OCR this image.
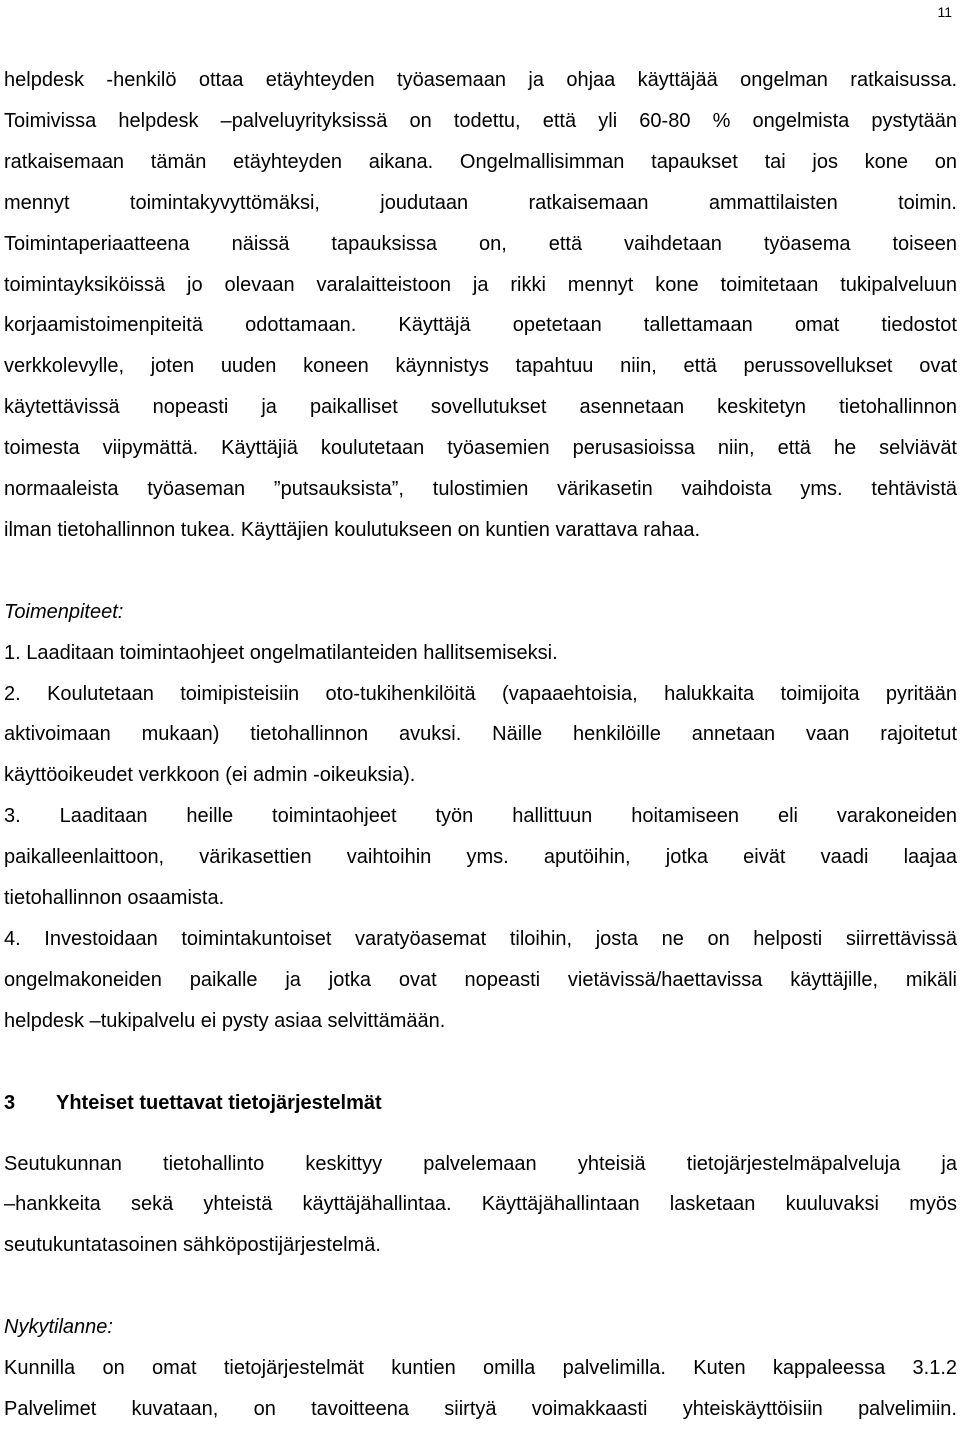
11
helpdesk -henkilö ottaa etäyhteyden työasemaan ja ohjaa käyttäjää ongelman ratkaisussa.
Toimivissa helpdesk –palveluyrityksissä on todettu, että yli 60-80 % ongelmista pystytään
ratkaisemaan tämän etäyhteyden aikana. Ongelmallisimman tapaukset tai jos kone on
mennyt toimintakyvyttömäksi, joudutaan ratkaisemaan ammattilaisten toimin.
Toimintaperiaatteena näissä tapauksissa on, että vaihdetaan työasema toiseen
toimintayksiköissä jo olevaan varalaitteistoon ja rikki mennyt kone toimitetaan tukipalveluun
korjaamistoimenpiteitä odottamaan. Käyttäjä opetetaan tallettamaan omat tiedostot
verkkolevylle, joten uuden koneen käynnistys tapahtuu niin, että perussovellukset ovat
käytettävissä nopeasti ja paikalliset sovellutukset asennetaan keskitetyn tietohallinnon
toimesta viipymättä. Käyttäjiä koulutetaan työasemien perusasioissa niin, että he selviävät
normaaleista työaseman ”putsauksista”, tulostimien värikasetin vaihdoista yms. tehtävistä
ilman tietohallinnon tukea. Käyttäjien koulutukseen on kuntien varattava rahaa.

Toimenpiteet:

1. Laaditaan toimintaohjeet ongelmatilanteiden hallitsemiseksi.
2. Koulutetaan toimipisteisiin oto-tukihenkilöitä (vapaaehtoisia, halukkaita toimijoita pyritään
aktivoimaan mukaan) tietohallinnon avuksi. Näille henkilöille annetaan vaan rajoitetut
käyttöoikeudet verkkoon (ei admin -oikeuksia).
3. Laaditaan heille toimintaohjeet työn hallittuun hoitamiseen eli varakoneiden
paikalleenlaittoon, värikasettien vaihtoihin yms. aputöihin, jotka eivät vaadi laajaa
tietohallinnon osaamista.
4. Investoidaan toimintakuntoiset varatyöasemat tiloihin, josta ne on helposti siirrettävissä
ongelmakoneiden paikalle ja jotka ovat nopeasti vietävissä/haettavissa käyttäjille, mikäli
helpdesk –tukipalvelu ei pysty asiaa selvittämään.

3 Yhteiset tuettavat tietojärjestelmät

Seutukunnan tietohallinto keskittyy palvelemaan yhteisiä tietojärjestelmäpalveluja ja
–hankkeita sekä yhteistä käyttäjähallintaa. Käyttäjähallintaan lasketaan kuuluvaksi myös
seutukuntatasoinen sähköpostijärjestelmä.

Nykytilanne:

Kunnilla on omat tietojärjestelmät kuntien omilla palvelimilla. Kuten kappaleessa 3.1.2
Palvelimet kuvataan, on tavoitteena siirtyä voimakkaasti yhteiskäyttöisiin palvelimiin.
